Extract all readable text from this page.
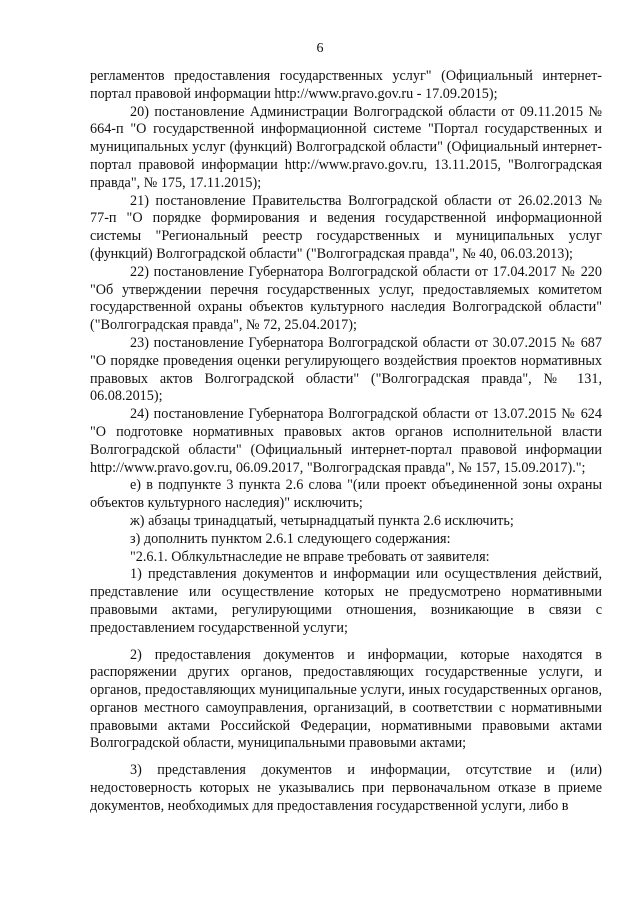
6

регламентов предоставления государственных услуг" (Официальный интернет-портал правовой информации http://www.pravo.gov.ru - 17.09.2015);

20) постановление Администрации Волгоградской области от 09.11.2015 № 664-п "О государственной информационной системе "Портал государственных и муниципальных услуг (функций) Волгоградской области" (Официальный интернет-портал правовой информации http://www.pravo.gov.ru, 13.11.2015, "Волгоградская правда", № 175, 17.11.2015);

21) постановление Правительства Волгоградской области от 26.02.2013 № 77-п "О порядке формирования и ведения государственной информационной системы "Региональный реестр государственных и муниципальных услуг (функций) Волгоградской области" ("Волгоградская правда", № 40, 06.03.2013);

22) постановление Губернатора Волгоградской области от 17.04.2017 № 220 "Об утверждении перечня государственных услуг, предоставляемых комитетом государственной охраны объектов культурного наследия Волгоградской области" ("Волгоградская правда", № 72, 25.04.2017);

23) постановление Губернатора Волгоградской области от 30.07.2015 № 687 "О порядке проведения оценки регулирующего воздействия проектов нормативных правовых актов Волгоградской области" ("Волгоградская правда", № 131, 06.08.2015);

24) постановление Губернатора Волгоградской области от 13.07.2015 № 624 "О подготовке нормативных правовых актов органов исполнительной власти Волгоградской области" (Официальный интернет-портал правовой информации http://www.pravo.gov.ru, 06.09.2017, "Волгоградская правда", № 157, 15.09.2017).";

е) в подпункте 3 пункта 2.6 слова "(или проект объединенной зоны охраны объектов культурного наследия)" исключить;

ж) абзацы тринадцатый, четырнадцатый пункта 2.6 исключить;

з) дополнить пунктом 2.6.1 следующего содержания:

"2.6.1. Облкультнаследие не вправе требовать от заявителя:

1) представления документов и информации или осуществления действий, представление или осуществление которых не предусмотрено нормативными правовыми актами, регулирующими отношения, возникающие в связи с предоставлением государственной услуги;

2) предоставления документов и информации, которые находятся в распоряжении других органов, предоставляющих государственные услуги, и органов, предоставляющих муниципальные услуги, иных государственных органов, органов местного самоуправления, организаций, в соответствии с нормативными правовыми актами Российской Федерации, нормативными правовыми актами Волгоградской области, муниципальными правовыми актами;

3) представления документов и информации, отсутствие и (или) недостоверность которых не указывались при первоначальном отказе в приеме документов, необходимых для предоставления государственной услуги, либо в
